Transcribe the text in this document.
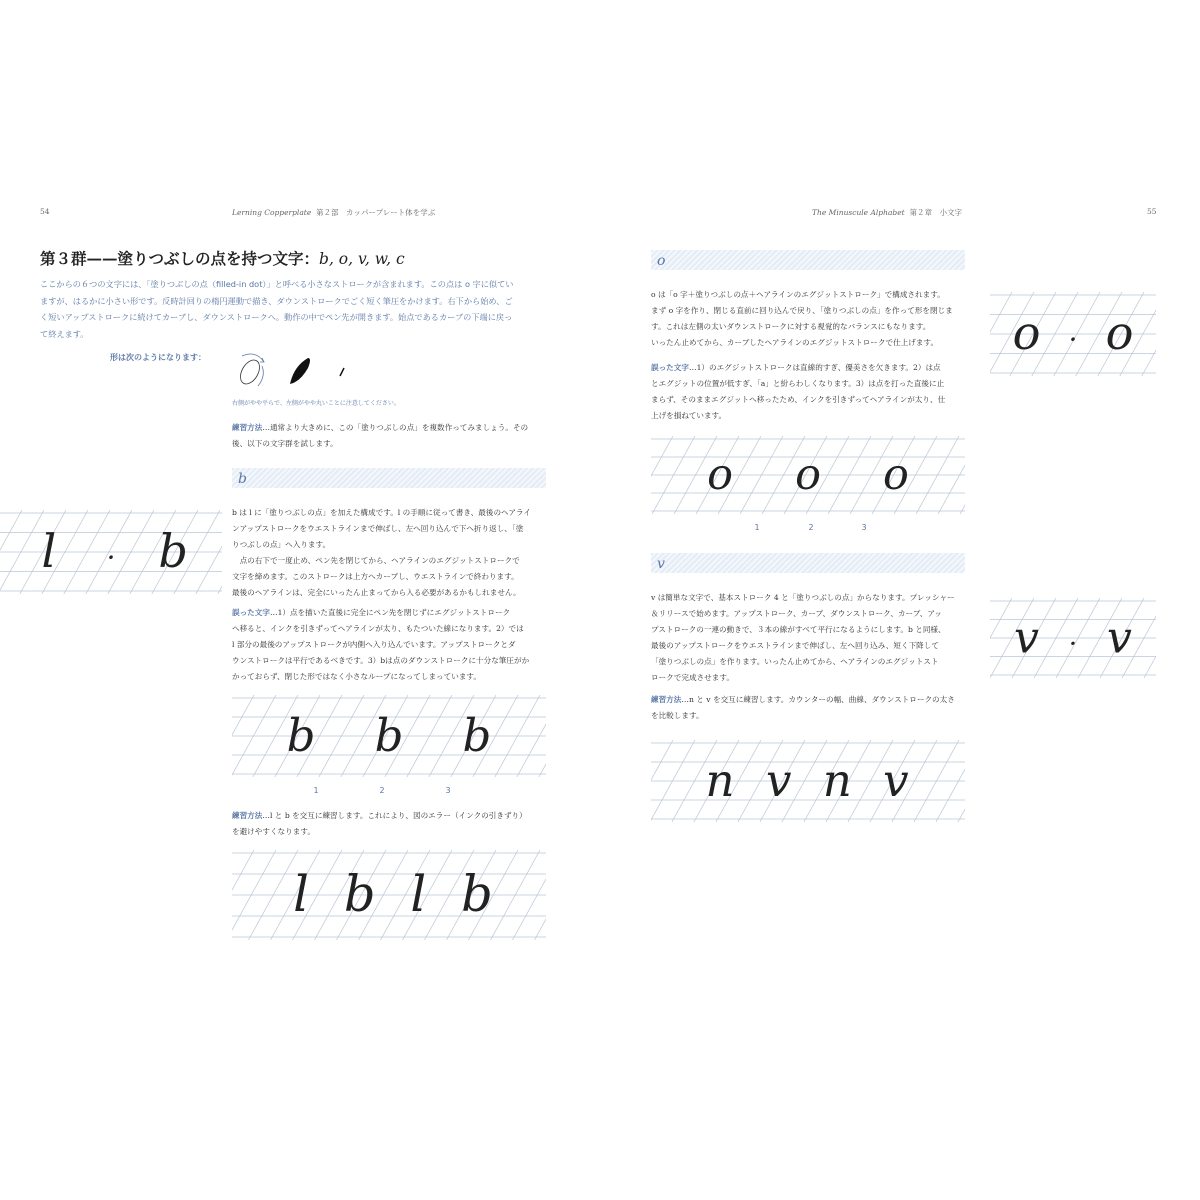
54	Lerning Copperplate 第２部　カッパープレート体を学ぶ
第３群——塗りつぶしの点を持つ文字：b, o, v, w, c
ここからの６つの文字には、「塗りつぶしの点（filled-in dot）」と呼べる小さなストロークが含まれます。この点は o 字に似てい
ますが、はるかに小さい形です。反時計回りの楕円運動で描き、ダウンストロークでごく短く筆圧をかけます。右下から始め、ご
く短いアップストロークに続けてカーブし、ダウンストロークへ。動作の中でペン先が開きます。始点であるカーブの下端に戻っ
て終えます。
形は次のようになります：
右側がやや平らで、左側がやや丸いことに注意してください。
練習方法…通常より大きめに、この「塗りつぶしの点」を複数作ってみましょう。その
後、以下の文字群を試します。
b
l · b
b は l に「塗りつぶしの点」を加えた構成です。l の手順に従って書き、最後のヘアライ
ンアップストロークをウエストラインまで伸ばし、左へ回り込んで下へ折り返し、「塗
りつぶしの点」へ入ります。
　点の右下で一度止め、ペン先を閉じてから、ヘアラインのエグジットストロークで
文字を締めます。このストロークは上方へカーブし、ウエストラインで終わります。
最後のヘアラインは、完全にいったん止まってから入る必要があるかもしれません。
誤った文字…1）点を描いた直後に完全にペン先を閉じずにエグジットストローク
へ移ると、インクを引きずってヘアラインが太り、もたついた線になります。2）では
l 部分の最後のアップストロークが内側へ入り込んでいます。アップストロークとダ
ウンストロークは平行であるべきです。3）bは点のダウンストロークに十分な筆圧がか
かっておらず、閉じた形ではなく小さなループになってしまっています。
b b b
1	2	3
練習方法…l と b を交互に練習します。これにより、図のエラー（インクの引きずり）
を避けやすくなります。
l b l b
The Minuscule Alphabet 第２章　小文字	55
o
o は「o 字＋塗りつぶしの点＋ヘアラインのエグジットストローク」で構成されます。
まず o 字を作り、閉じる直前に回り込んで戻り、「塗りつぶしの点」を作って形を閉じま
す。これは左側の太いダウンストロークに対する視覚的なバランスにもなります。
いったん止めてから、カーブしたヘアラインのエグジットストロークで仕上げます。	o · o
誤った文字…1）のエグジットストロークは直線的すぎ、優美さを欠きます。2）は点
とエグジットの位置が低すぎ、「a」と紛らわしくなります。3）は点を打った直後に止
まらず、そのままエグジットへ移ったため、インクを引きずってヘアラインが太り、仕
上げを損ねています。
o o o
1	2	3
v
v は簡単な文字で、基本ストローク 4 と「塗りつぶしの点」からなります。プレッシャー
＆リリースで始めます。アップストローク、カーブ、ダウンストローク、カーブ、アッ
プストロークの一連の動きで、３本の線がすべて平行になるようにします。b と同様、
最後のアップストロークをウエストラインまで伸ばし、左へ回り込み、短く下降して
「塗りつぶしの点」を作ります。いったん止めてから、ヘアラインのエグジットスト
ロークで完成させます。
v · v
練習方法…n と v を交互に練習します。カウンターの幅、曲線、ダウンストロークの太さ
を比較します。
n v n v
